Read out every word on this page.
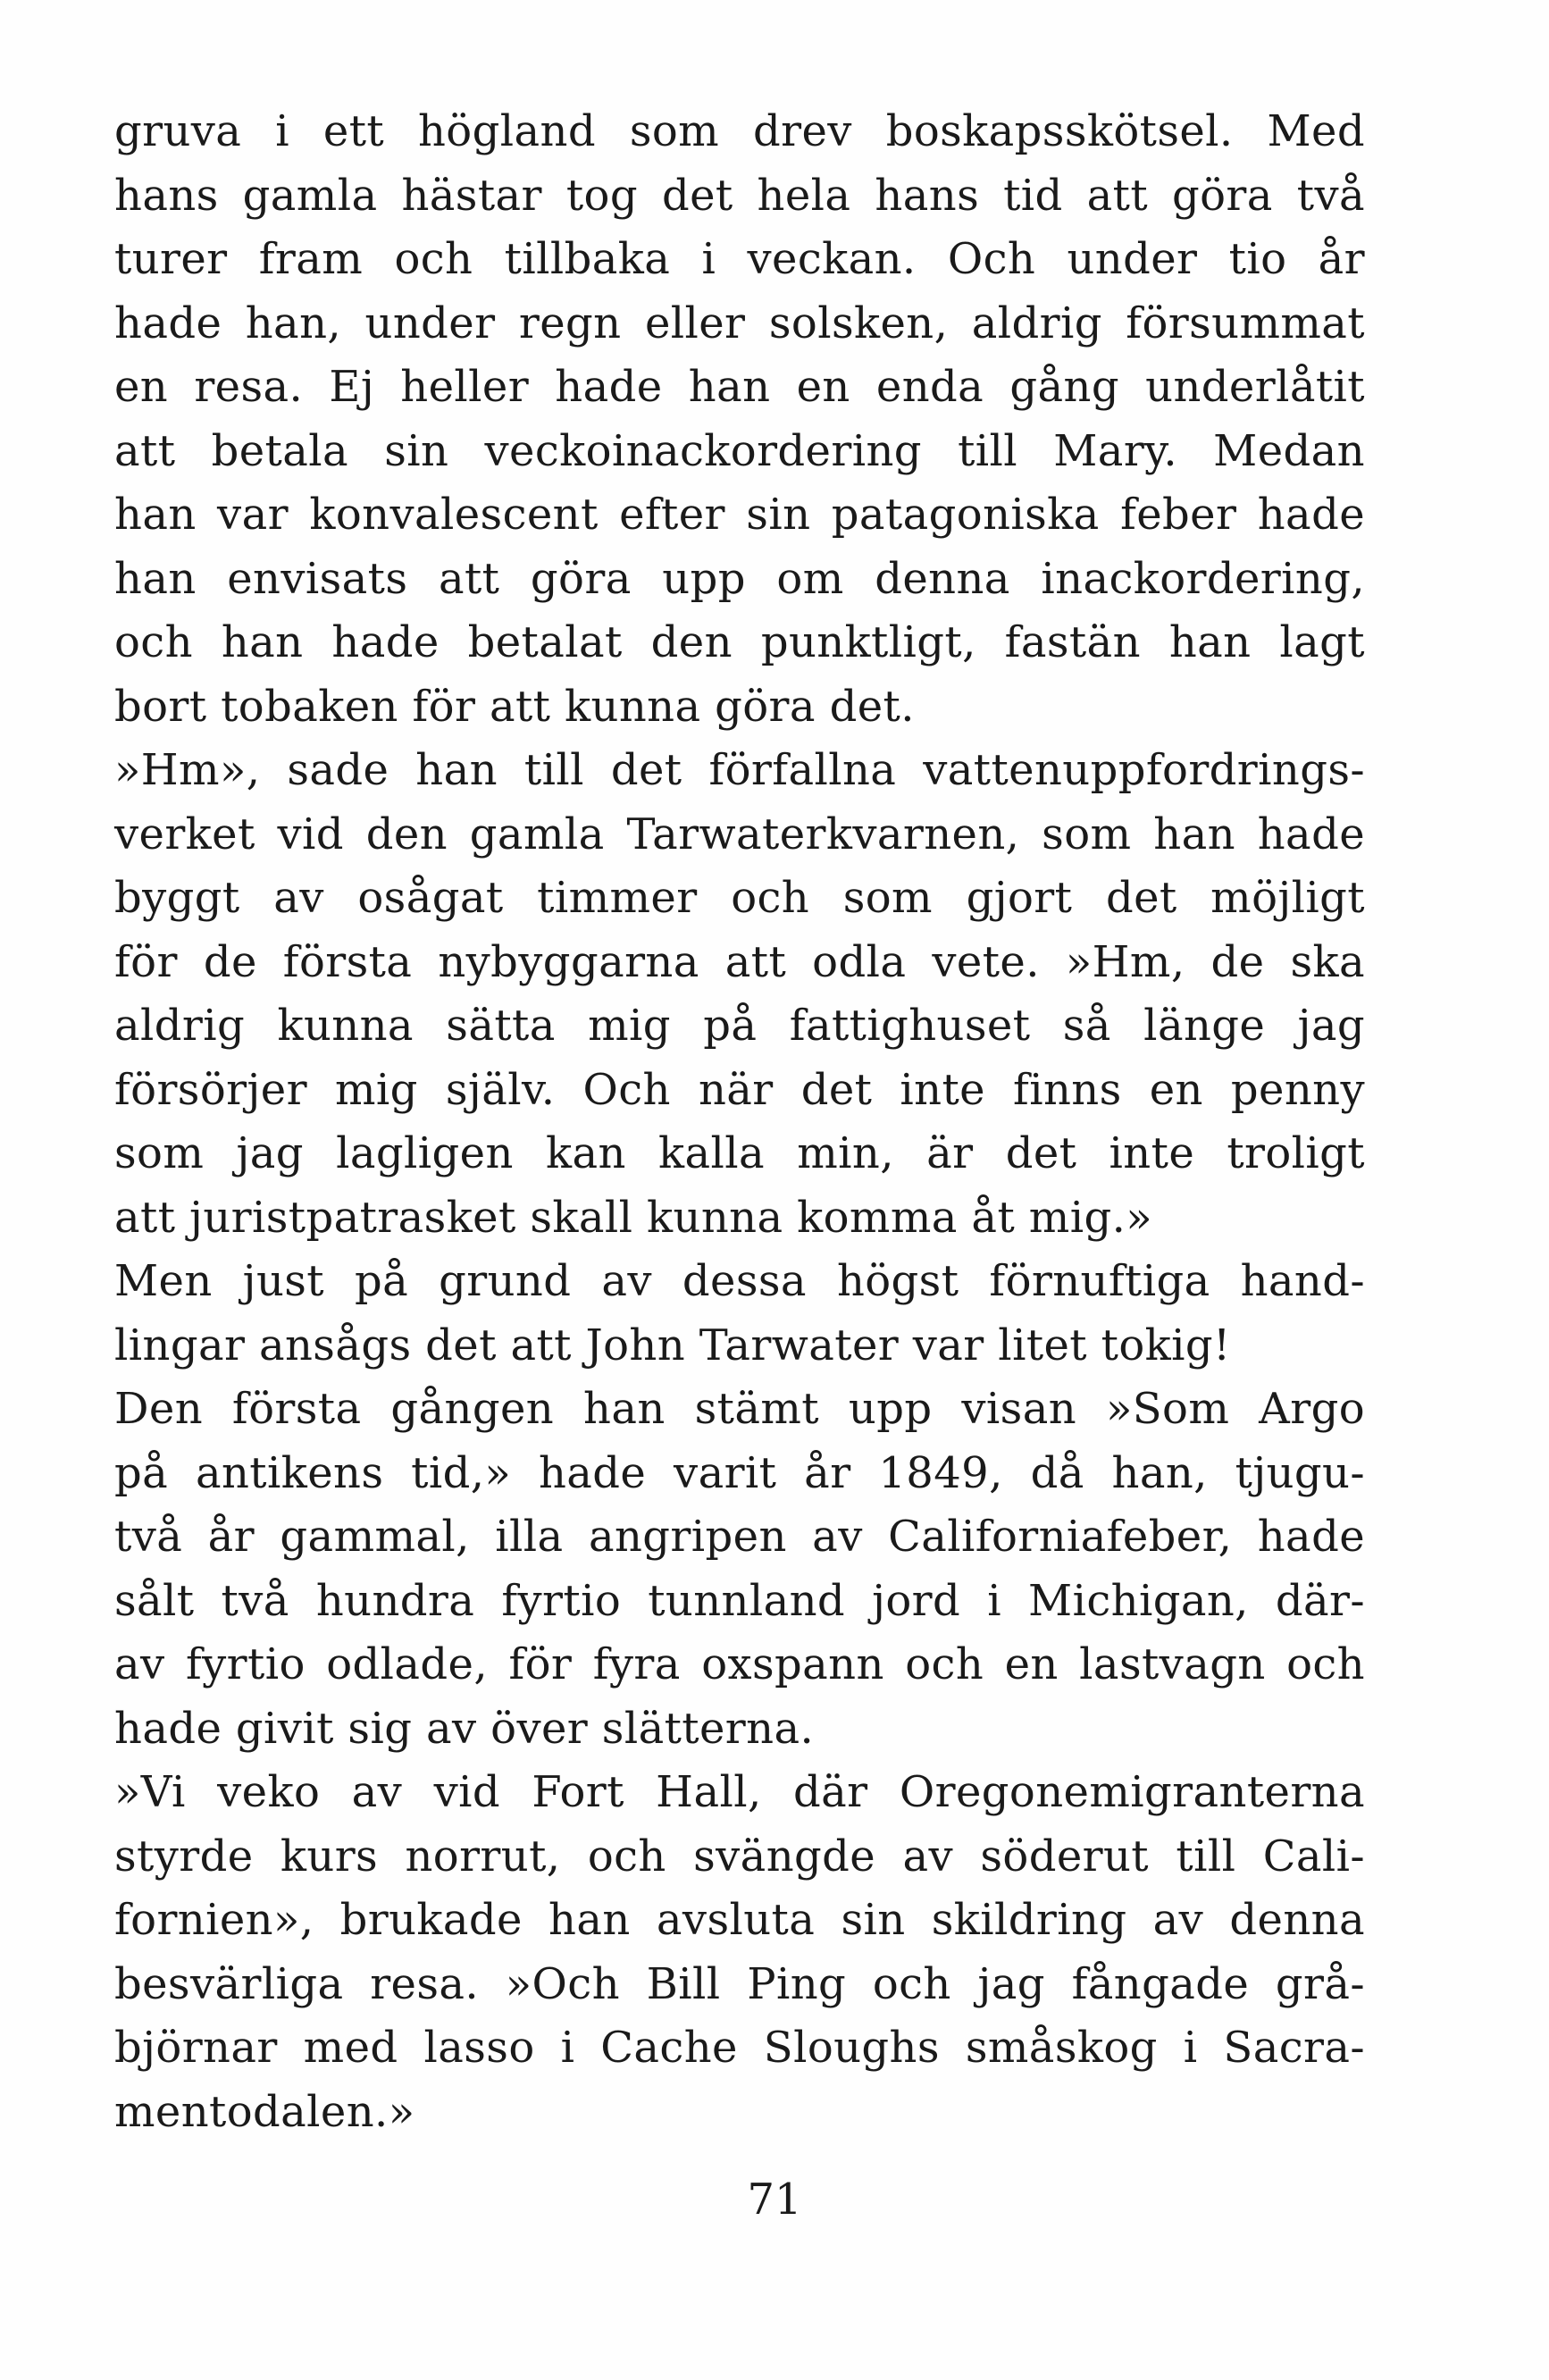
gruva i ett högland som drev boskapsskötsel. Med
hans gamla hästar tog det hela hans tid att göra två
turer fram och tillbaka i veckan. Och under tio år
hade han, under regn eller solsken, aldrig försummat
en resa. Ej heller hade han en enda gång underlåtit
att betala sin veckoinackordering till Mary. Medan
han var konvalescent efter sin patagoniska feber hade
han envisats att göra upp om denna inackordering,
och han hade betalat den punktligt, fastän han lagt
bort tobaken för att kunna göra det.
»Hm», sade han till det förfallna vattenuppfordrings-
verket vid den gamla Tarwaterkvarnen, som han hade
byggt av osågat timmer och som gjort det möjligt
för de första nybyggarna att odla vete. »Hm, de ska
aldrig kunna sätta mig på fattighuset så länge jag
försörjer mig själv. Och när det inte finns en penny
som jag lagligen kan kalla min, är det inte troligt
att juristpatrasket skall kunna komma åt mig.»
Men just på grund av dessa högst förnuftiga hand-
lingar ansågs det att John Tarwater var litet tokig!
Den första gången han stämt upp visan »Som Argo
på antikens tid,» hade varit år 1849, då han, tjugu-
två år gammal, illa angripen av Californiafeber, hade
sålt två hundra fyrtio tunnland jord i Michigan, där-
av fyrtio odlade, för fyra oxspann och en lastvagn och
hade givit sig av över slätterna.
»Vi veko av vid Fort Hall, där Oregonemigranterna
styrde kurs norrut, och svängde av söderut till Cali-
fornien», brukade han avsluta sin skildring av denna
besvärliga resa. »Och Bill Ping och jag fångade grå-
björnar med lasso i Cache Sloughs småskog i Sacra-
mentodalen.»
71
